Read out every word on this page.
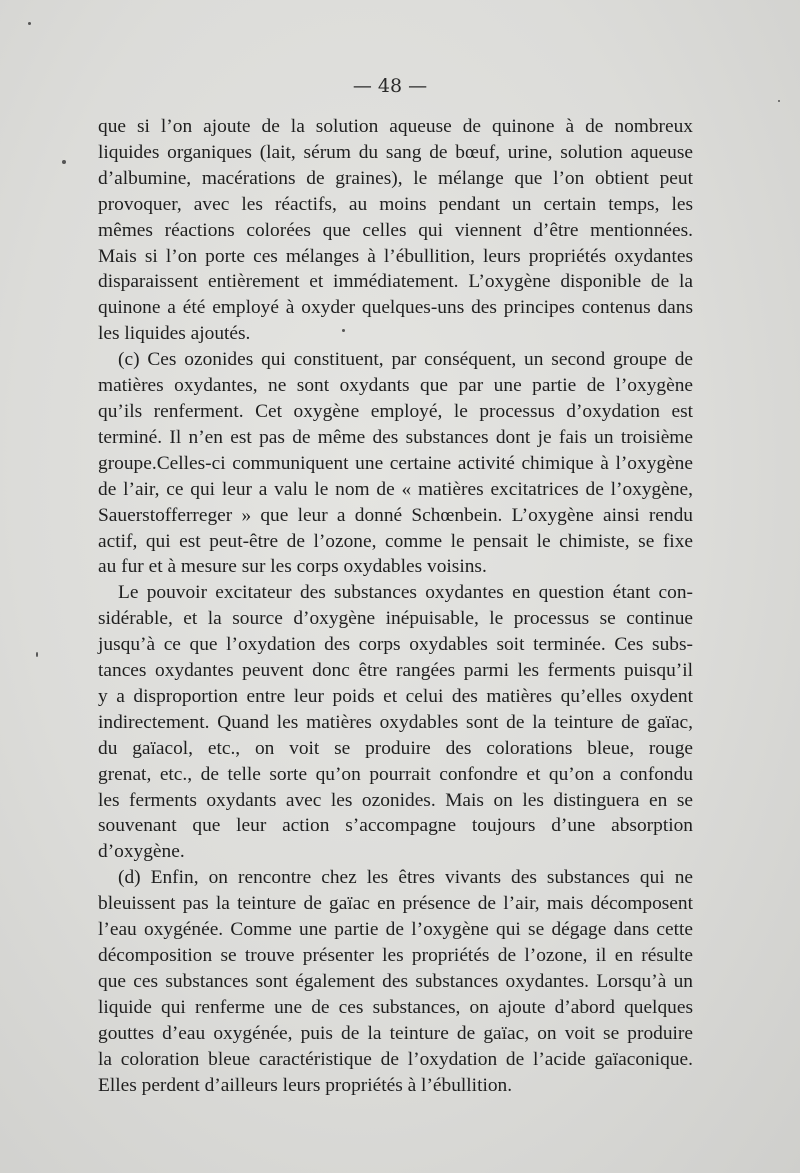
— 48 —
que si l’on ajoute de la solution aqueuse de quinone à de nombreux
liquides organiques (lait, sérum du sang de bœuf, urine, solution aqueuse
d’albumine, macérations de graines), le mélange que l’on obtient peut
provoquer, avec les réactifs, au moins pendant un certain temps, les
mêmes réactions colorées que celles qui viennent d’être mentionnées.
Mais si l’on porte ces mélanges à l’ébullition, leurs propriétés oxydantes
disparaissent entièrement et immédiatement. L’oxygène disponible de la
quinone a été employé à oxyder quelques-uns des principes contenus dans
les liquides ajoutés.
(c) Ces ozonides qui constituent, par conséquent, un second groupe de
matières oxydantes, ne sont oxydants que par une partie de l’oxygène
qu’ils renferment. Cet oxygène employé, le processus d’oxydation est
terminé. Il n’en est pas de même des substances dont je fais un troisième
groupe.Celles-ci communiquent une certaine activité chimique à l’oxygène
de l’air, ce qui leur a valu le nom de « matières excitatrices de l’oxygène,
Sauerstofferreger » que leur a donné Schœnbein. L’oxygène ainsi rendu
actif, qui est peut-être de l’ozone, comme le pensait le chimiste, se fixe
au fur et à mesure sur les corps oxydables voisins.
Le pouvoir excitateur des substances oxydantes en question étant con-
sidérable, et la source d’oxygène inépuisable, le processus se continue
jusqu’à ce que l’oxydation des corps oxydables soit terminée. Ces subs-
tances oxydantes peuvent donc être rangées parmi les ferments puisqu’il
y a disproportion entre leur poids et celui des matières qu’elles oxydent
indirectement. Quand les matières oxydables sont de la teinture de gaïac,
du gaïacol, etc., on voit se produire des colorations bleue, rouge
grenat, etc., de telle sorte qu’on pourrait confondre et qu’on a confondu
les ferments oxydants avec les ozonides. Mais on les distinguera en se
souvenant que leur action s’accompagne toujours d’une absorption
d’oxygène.
(d) Enfin, on rencontre chez les êtres vivants des substances qui ne
bleuissent pas la teinture de gaïac en présence de l’air, mais décomposent
l’eau oxygénée. Comme une partie de l’oxygène qui se dégage dans cette
décomposition se trouve présenter les propriétés de l’ozone, il en résulte
que ces substances sont également des substances oxydantes. Lorsqu’à un
liquide qui renferme une de ces substances, on ajoute d’abord quelques
gouttes d’eau oxygénée, puis de la teinture de gaïac, on voit se produire
la coloration bleue caractéristique de l’oxydation de l’acide gaïaconique.
Elles perdent d’ailleurs leurs propriétés à l’ébullition.
